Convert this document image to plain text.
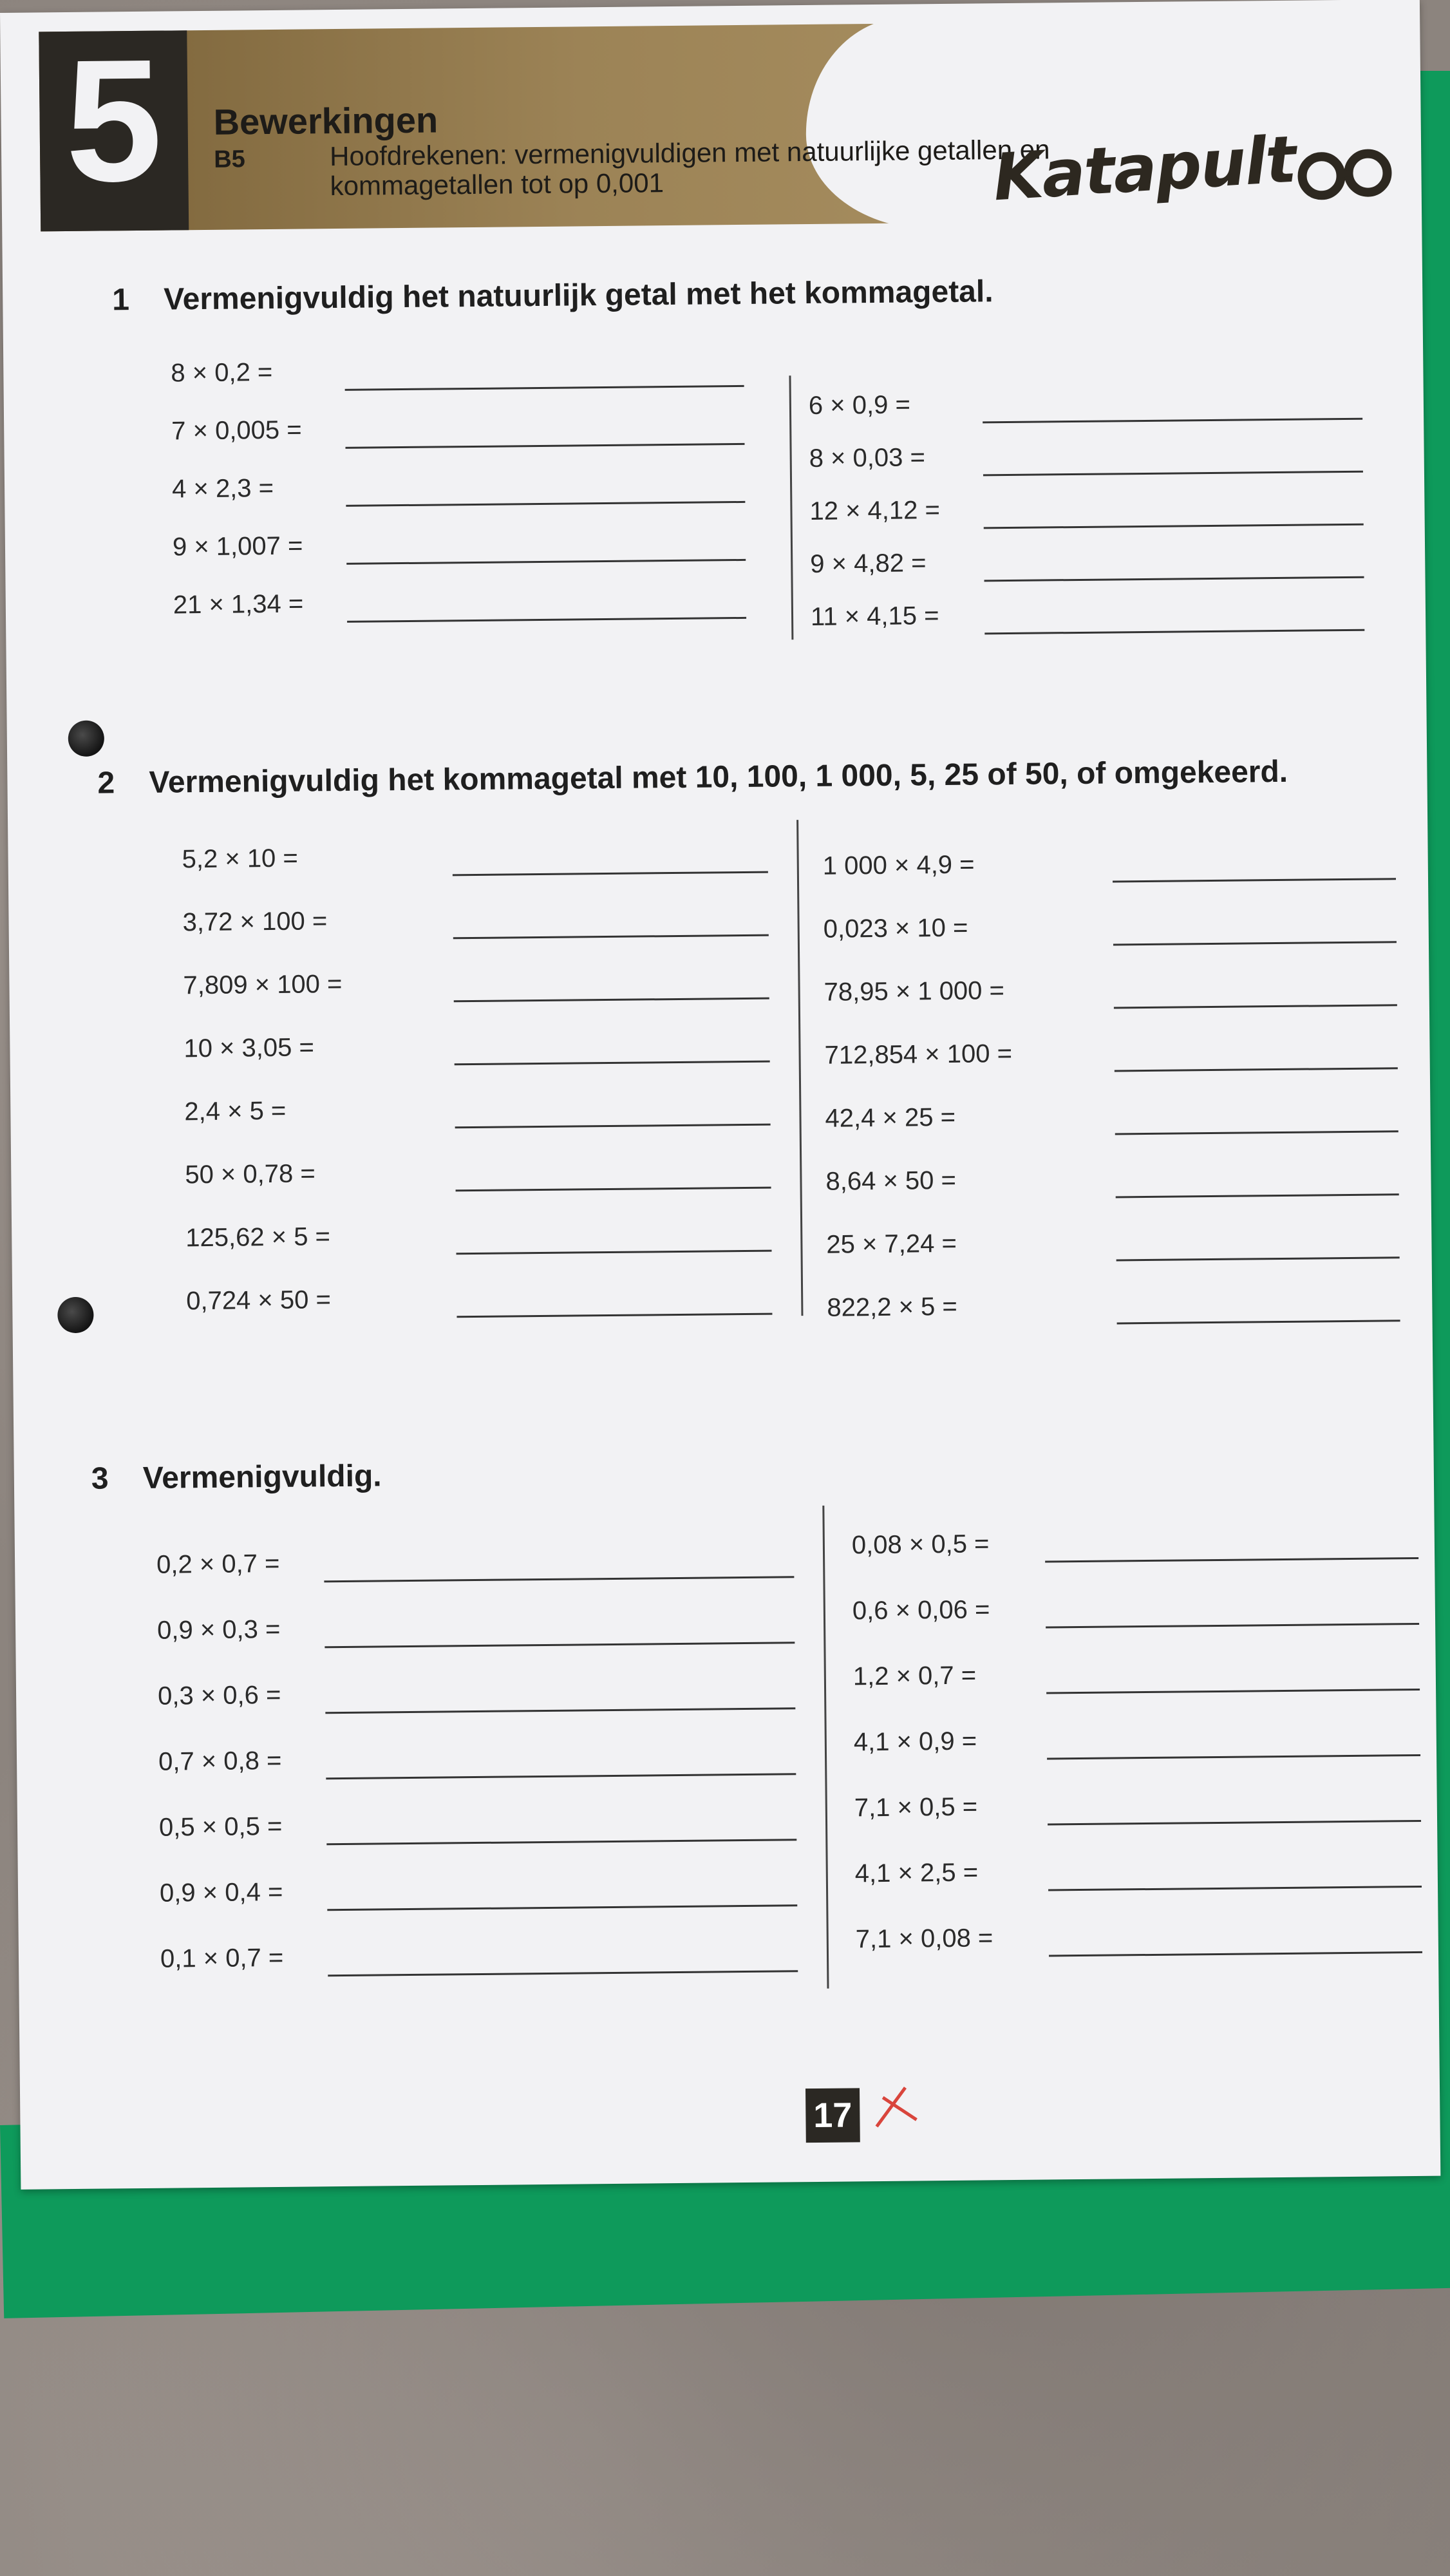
5	Bewerkingen
B5	Hoofdrekenen: vermenigvuldigen met natuurlijke getallen en kommagetallen tot op 0,001	Katapult
1 Vermenigvuldig het natuurlijk getal met het kommagetal.
8 × 0,2 =
7 × 0,005 =
4 × 2,3 =
9 × 1,007 =
21 × 1,34 =
6 × 0,9 =
8 × 0,03 =
12 × 4,12 =
9 × 4,82 =
11 × 4,15 =
2 Vermenigvuldig het kommagetal met 10, 100, 1 000, 5, 25 of 50, of omgekeerd.
5,2 × 10 =
3,72 × 100 =
7,809 × 100 =
10 × 3,05 =
2,4 × 5 =
50 × 0,78 =
125,62 × 5 =
0,724 × 50 =
1 000 × 4,9 =
0,023 × 10 =
78,95 × 1 000 =
712,854 × 100 =
42,4 × 25 =
8,64 × 50 =
25 × 7,24 =
822,2 × 5 =
3 Vermenigvuldig.
0,2 × 0,7 =
0,9 × 0,3 =
0,3 × 0,6 =
0,7 × 0,8 =
0,5 × 0,5 =
0,9 × 0,4 =
0,1 × 0,7 =
0,08 × 0,5 =
0,6 × 0,06 =
1,2 × 0,7 =
4,1 × 0,9 =
7,1 × 0,5 =
4,1 × 2,5 =
7,1 × 0,08 =
17
